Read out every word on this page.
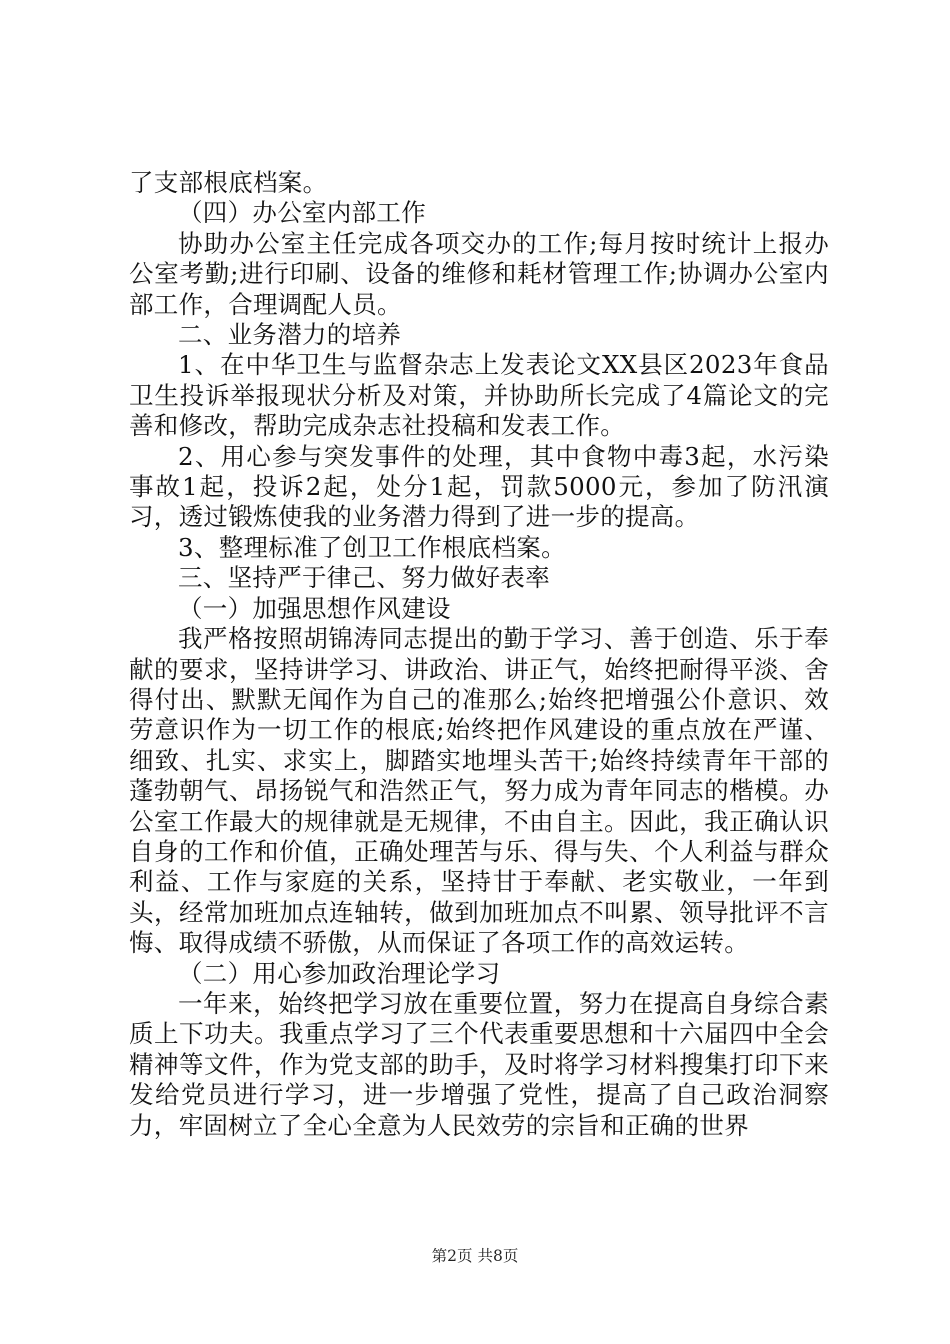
了支部根底档案。

（四）办公室内部工作

协助办公室主任完成各项交办的工作;每月按时统计上报办公室考勤;进行印刷、设备的维修和耗材管理工作;协调办公室内部工作，合理调配人员。

二、业务潜力的培养

1、在中华卫生与监督杂志上发表论文XX县区2023年食品卫生投诉举报现状分析及对策，并协助所长完成了4篇论文的完善和修改，帮助完成杂志社投稿和发表工作。

2、用心参与突发事件的处理，其中食物中毒3起，水污染事故1起，投诉2起，处分1起，罚款5000元，参加了防汛演习，透过锻炼使我的业务潜力得到了进一步的提高。

3、整理标准了创卫工作根底档案。

三、坚持严于律己、努力做好表率

（一）加强思想作风建设

我严格按照胡锦涛同志提出的勤于学习、善于创造、乐于奉献的要求，坚持讲学习、讲政治、讲正气，始终把耐得平淡、舍得付出、默默无闻作为自己的准那么;始终把增强公仆意识、效劳意识作为一切工作的根底;始终把作风建设的重点放在严谨、细致、扎实、求实上，脚踏实地埋头苦干;始终持续青年干部的蓬勃朝气、昂扬锐气和浩然正气，努力成为青年同志的楷模。办公室工作最大的规律就是无规律，不由自主。因此，我正确认识自身的工作和价值，正确处理苦与乐、得与失、个人利益与群众利益、工作与家庭的关系，坚持甘于奉献、老实敬业，一年到头，经常加班加点连轴转，做到加班加点不叫累、领导批评不言悔、取得成绩不骄傲，从而保证了各项工作的高效运转。

（二）用心参加政治理论学习

一年来，始终把学习放在重要位置，努力在提高自身综合素质上下功夫。我重点学习了三个代表重要思想和十六届四中全会精神等文件，作为党支部的助手，及时将学习材料搜集打印下来发给党员进行学习，进一步增强了党性，提高了自己政治洞察力，牢固树立了全心全意为人民效劳的宗旨和正确的世界

第2页 共8页
